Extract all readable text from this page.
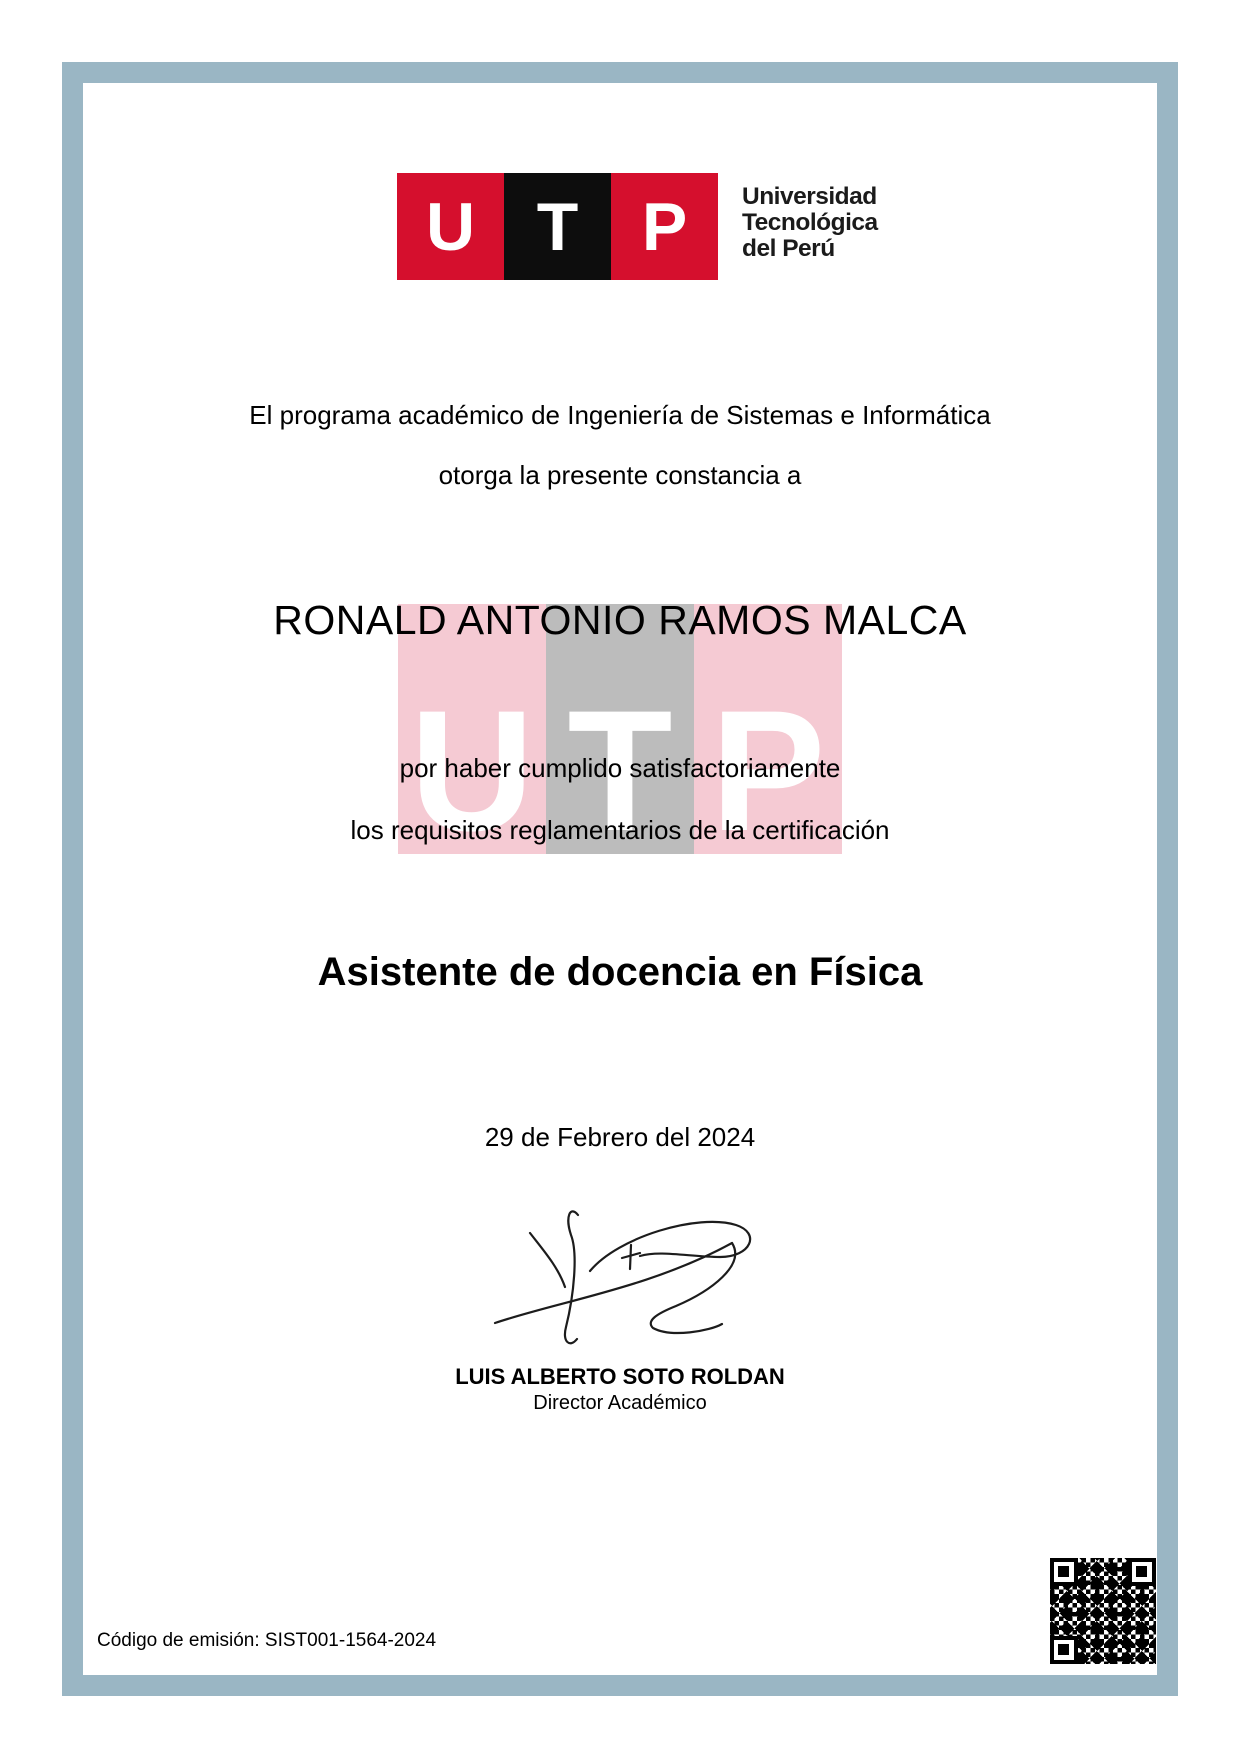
U T P Universidad
Tecnológica
del Perú
El programa académico de Ingeniería de Sistemas e Informática
otorga la presente constancia a
U T P
RONALD ANTONIO RAMOS MALCA
por haber cumplido satisfactoriamente
los requisitos reglamentarios de la certificación
Asistente de docencia en Física
29 de Febrero del 2024
LUIS ALBERTO SOTO ROLDAN
Director Académico
Código de emisión: SIST001-1564-2024
